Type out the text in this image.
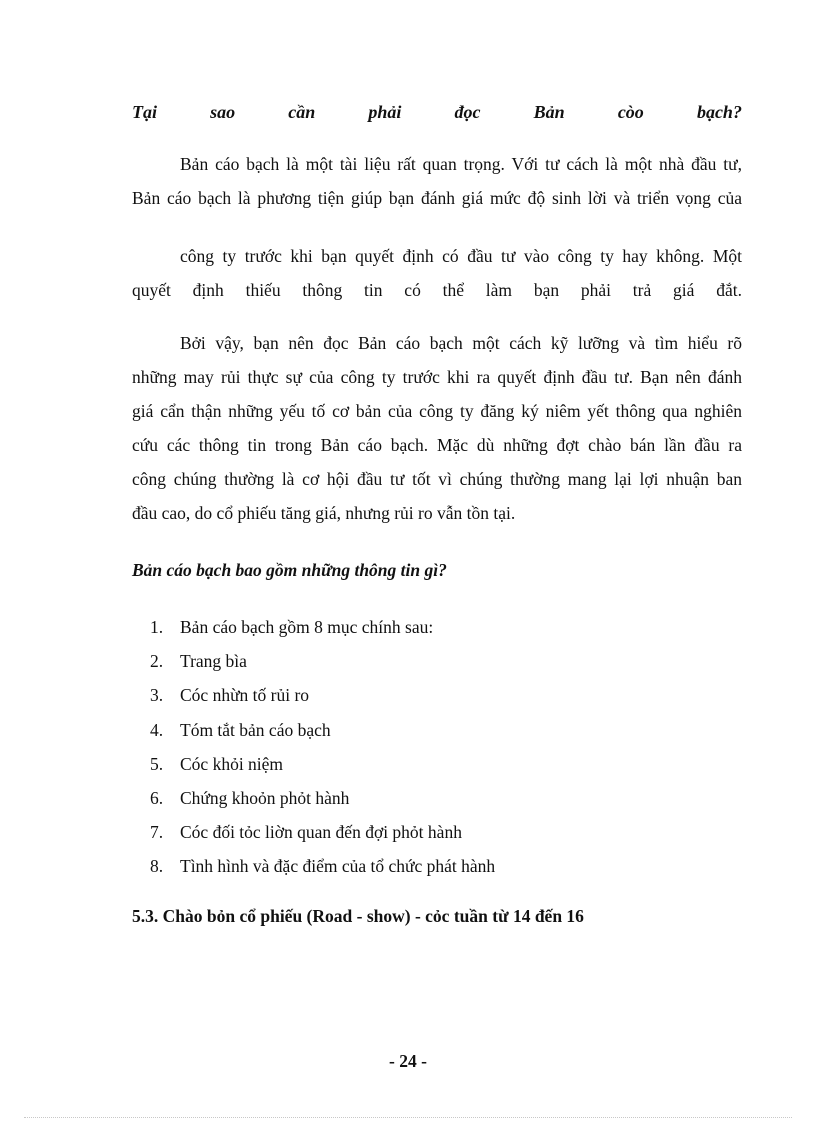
Tại	sao	cần	phải	đọc	Bản	còo	bạch?
Bản cáo bạch là một tài liệu rất quan trọng. Với tư cách là một nhà đầu tư,
Bản cáo bạch là phương tiện giúp bạn đánh giá mức độ sinh lời và triển vọng của
công ty trước khi bạn quyết định có đầu tư vào công ty hay không. Một
quyết định thiếu thông tin có thể làm bạn phải trả giá đắt.
Bởi vậy, bạn nên đọc Bản cáo bạch một cách kỹ lưỡng và tìm hiểu rõ
những may rủi thực sự của công ty trước khi ra quyết định đầu tư. Bạn nên đánh
giá cẩn thận những yếu tố cơ bản của công ty đăng ký niêm yết thông qua nghiên
cứu các thông tin trong Bản cáo bạch. Mặc dù những đợt chào bán lần đầu ra
công chúng thường là cơ hội đầu tư tốt vì chúng thường mang lại lợi nhuận ban
đầu cao, do cổ phiếu tăng giá, nhưng rủi ro vẫn tồn tại.
Bản cáo bạch bao gồm những thông tin gì?
1. Bản cáo bạch gồm 8 mục chính sau:
2. Trang bìa
3. Cóc nhừn tố rủi ro
4. Tóm tắt bản cáo bạch
5. Cóc khỏi niệm
6. Chứng khoỏn phỏt hành
7. Cóc đối tỏc liờn quan đến đợi phỏt hành
8. Tình hình và đặc điểm của tổ chức phát hành
5.3. Chào bỏn cổ phiếu (Road - show) - cỏc tuần từ 14 đến 16
- 24 -
